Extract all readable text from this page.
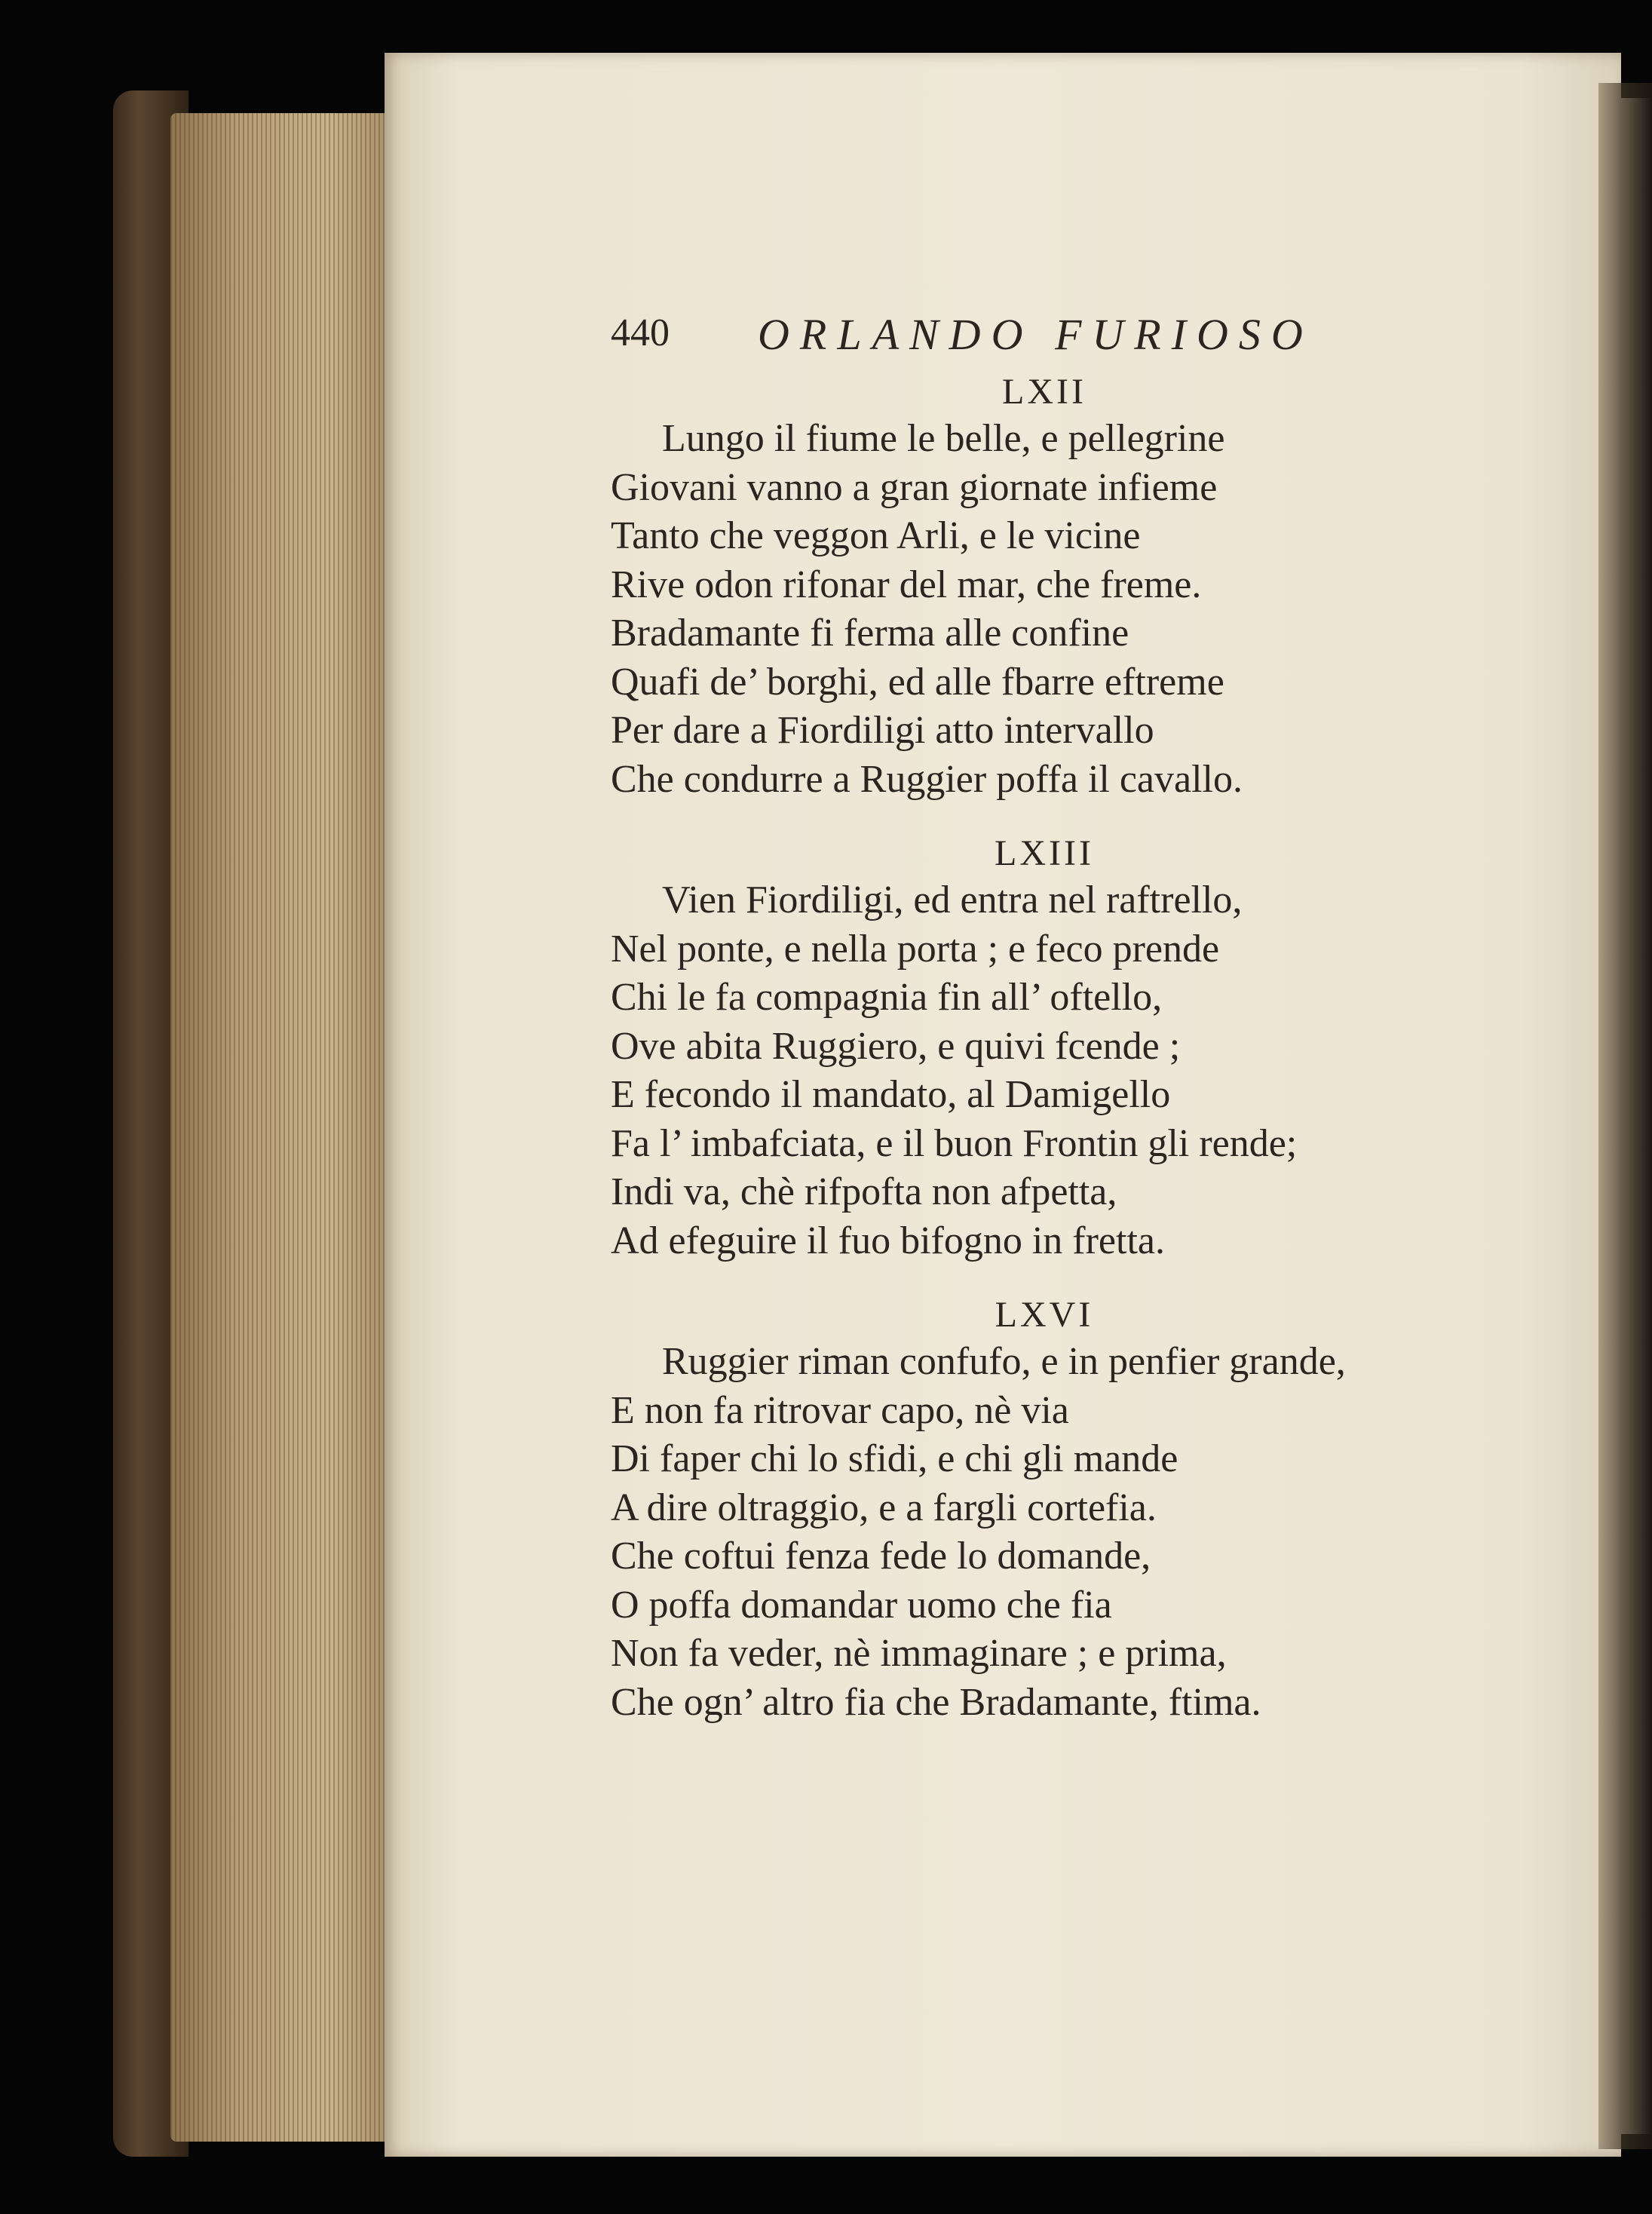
440 ORLANDO FURIOSO
LXII
Lungo il fiume le belle, e pellegrine
Giovani vanno a gran giornate infieme
Tanto che veggon Arli, e le vicine
Rive odon rifonar del mar, che freme.
Bradamante fi ferma alle confine
Quafi de’ borghi, ed alle fbarre eftreme
Per dare a Fiordiligi atto intervallo
Che condurre a Ruggier poffa il cavallo.
LXIII
Vien Fiordiligi, ed entra nel raftrello,
Nel ponte, e nella porta ; e feco prende
Chi le fa compagnia fin all’ oftello,
Ove abita Ruggiero, e quivi fcende ;
E fecondo il mandato, al Damigello
Fa l’ imbafciata, e il buon Frontin gli rende;
Indi va, chè rifpofta non afpetta,
Ad efeguire il fuo bifogno in fretta.
LXVI
Ruggier riman confufo, e in penfier grande,
E non fa ritrovar capo, nè via
Di faper chi lo sfidi, e chi gli mande
A dire oltraggio, e a fargli cortefia.
Che coftui fenza fede lo domande,
O poffa domandar uomo che fia
Non fa veder, nè immaginare ; e prima,
Che ogn’ altro fia che Bradamante, ftima.
